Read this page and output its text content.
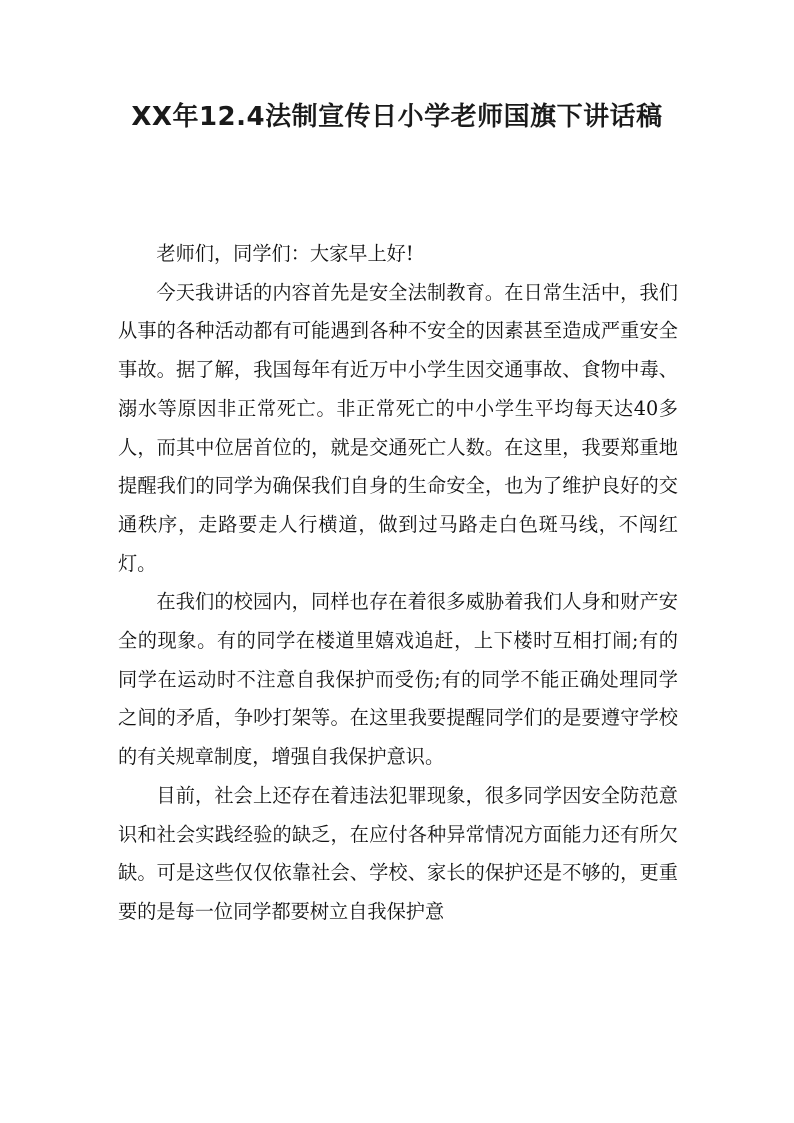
XX年12.4法制宣传日小学老师国旗下讲话稿

老师们，同学们：大家早上好!

今天我讲话的内容首先是安全法制教育。在日常生活中，我们从事的各种活动都有可能遇到各种不安全的因素甚至造成严重安全事故。据了解，我国每年有近万中小学生因交通事故、食物中毒、溺水等原因非正常死亡。非正常死亡的中小学生平均每天达40多人，而其中位居首位的，就是交通死亡人数。在这里，我要郑重地提醒我们的同学为确保我们自身的生命安全，也为了维护良好的交通秩序，走路要走人行横道，做到过马路走白色斑马线，不闯红灯。

在我们的校园内，同样也存在着很多威胁着我们人身和财产安全的现象。有的同学在楼道里嬉戏追赶，上下楼时互相打闹;有的同学在运动时不注意自我保护而受伤;有的同学不能正确处理同学之间的矛盾，争吵打架等。在这里我要提醒同学们的是要遵守学校的有关规章制度，增强自我保护意识。

目前，社会上还存在着违法犯罪现象，很多同学因安全防范意识和社会实践经验的缺乏，在应付各种异常情况方面能力还有所欠缺。可是这些仅仅依靠社会、学校、家长的保护还是不够的，更重要的是每一位同学都要树立自我保护意
